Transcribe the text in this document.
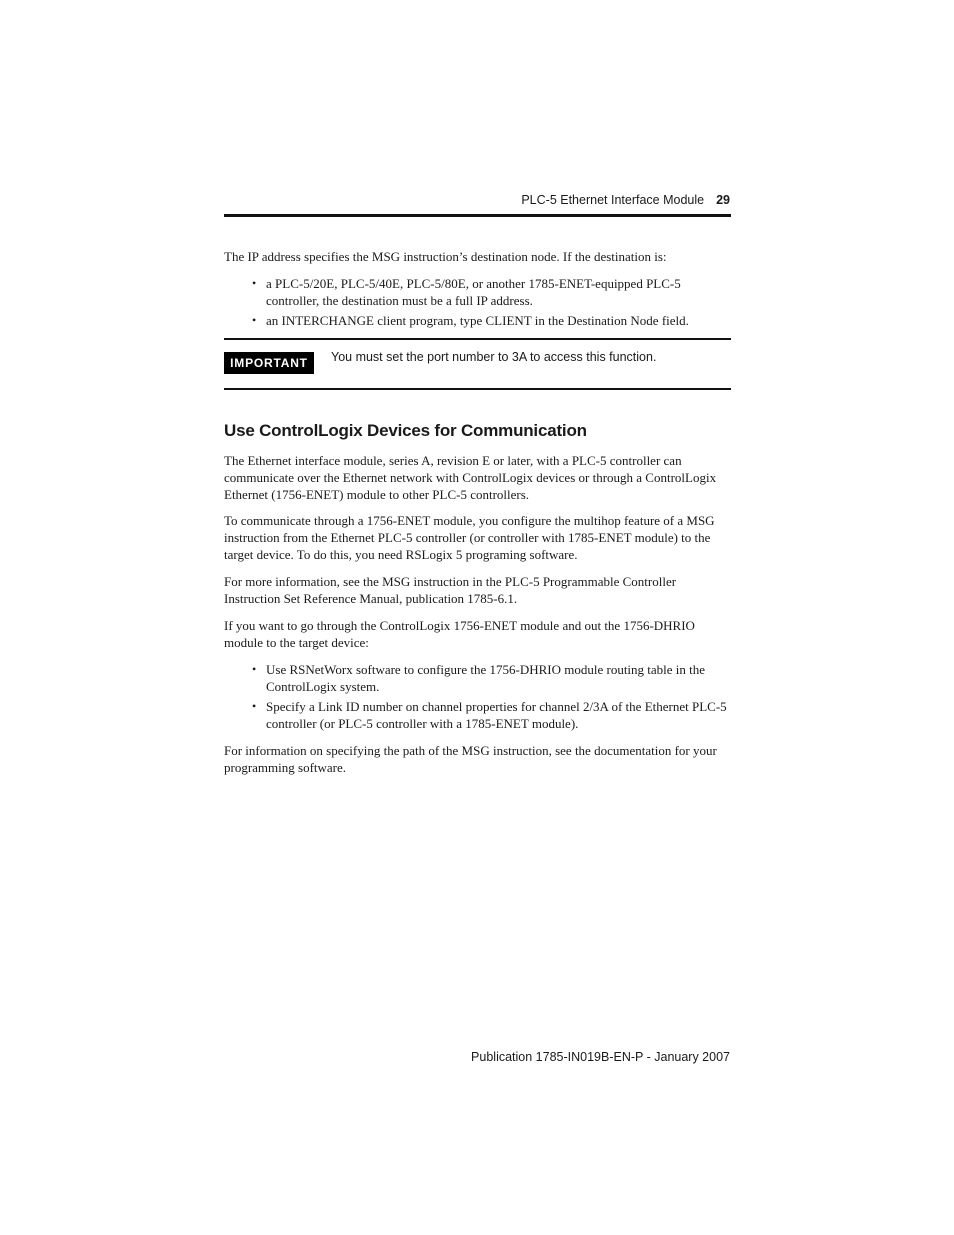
PLC-5 Ethernet Interface Module 29

The IP address specifies the MSG instruction’s destination node. If the destination is:

• a PLC-5/20E, PLC-5/40E, PLC-5/80E, or another 1785-ENET-equipped PLC-5 controller, the destination must be a full IP address.
• an INTERCHANGE client program, type CLIENT in the Destination Node field.
IMPORTANT	You must set the port number to 3A to access this function.
Use ControlLogix Devices for Communication

The Ethernet interface module, series A, revision E or later, with a PLC-5 controller can communicate over the Ethernet network with ControlLogix devices or through a ControlLogix Ethernet (1756-ENET) module to other PLC-5 controllers.

To communicate through a 1756-ENET module, you configure the multihop feature of a MSG instruction from the Ethernet PLC-5 controller (or controller with 1785-ENET module) to the target device. To do this, you need RSLogix 5 programing software.

For more information, see the MSG instruction in the PLC-5 Programmable Controller Instruction Set Reference Manual, publication 1785-6.1.

If you want to go through the ControlLogix 1756-ENET module and out the 1756-DHRIO module to the target device:

• Use RSNetWorx software to configure the 1756-DHRIO module routing table in the ControlLogix system.
• Specify a Link ID number on channel properties for channel 2/3A of the Ethernet PLC-5 controller (or PLC-5 controller with a 1785-ENET module).

For information on specifying the path of the MSG instruction, see the documentation for your programming software.

Publication 1785-IN019B-EN-P - January 2007
